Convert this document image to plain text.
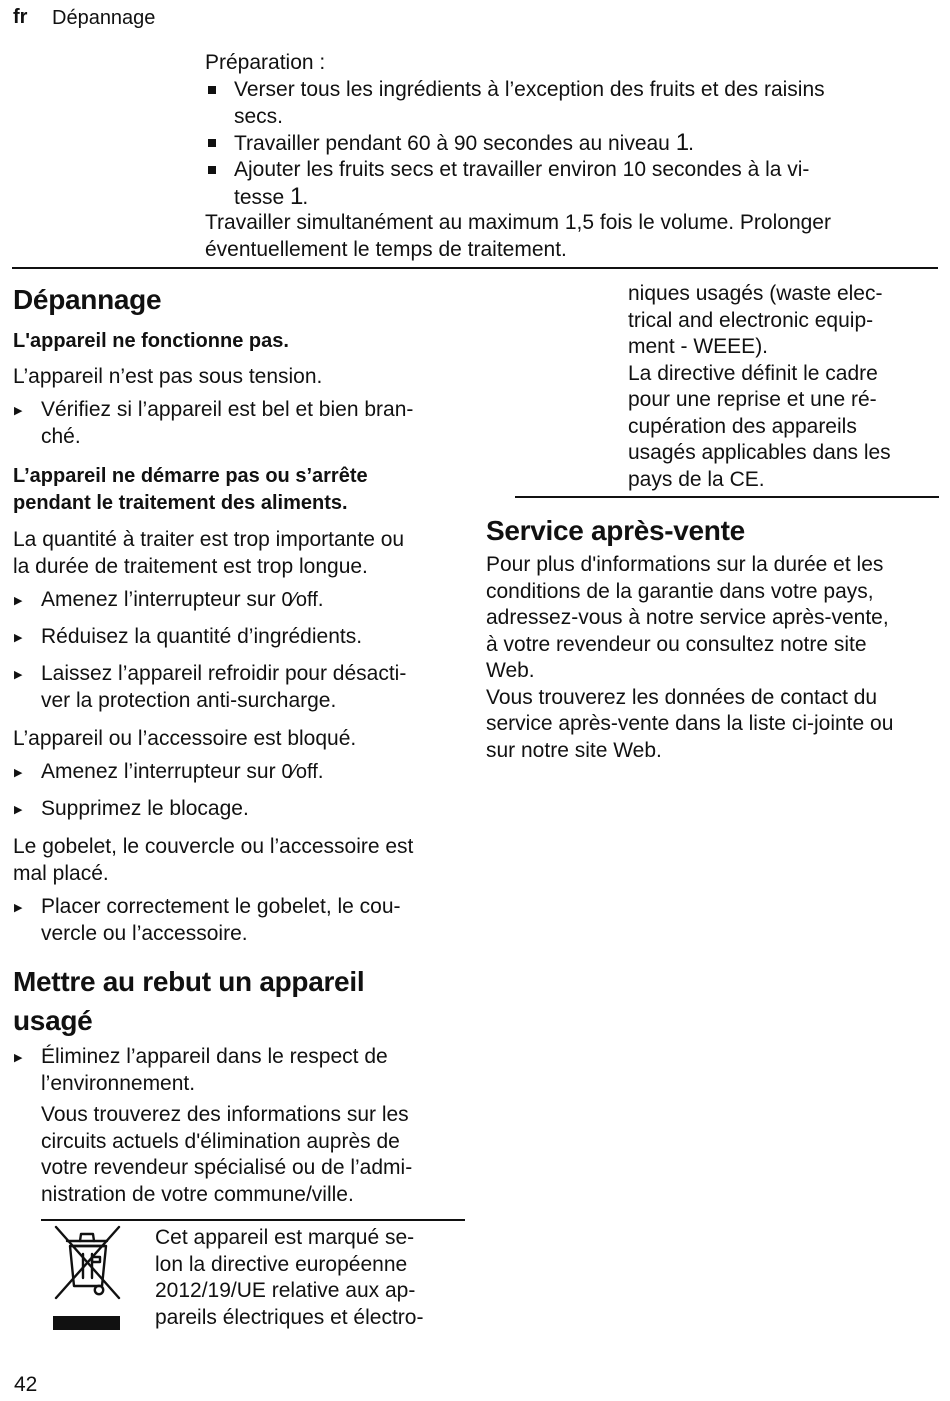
fr Dépannage
Préparation :
Verser tous les ingrédients à l’exception des fruits et des raisins
secs.
Travailler pendant 60 à 90 secondes au niveau 1.
Ajouter les fruits secs et travailler environ 10 secondes à la vi-
tesse 1.
Travailler simultanément au maximum 1,5 fois le volume. Prolonger
éventuellement le temps de traitement.
Dépannage
L'appareil ne fonctionne pas.
L’appareil n’est pas sous tension.
▶ Vérifiez si l’appareil est bel et bien bran-
ché.
L’appareil ne démarre pas ou s’arrête
pendant le traitement des aliments.
La quantité à traiter est trop importante ou
la durée de traitement est trop longue.
▶ Amenez l’interrupteur sur 0⁄off.
▶ Réduisez la quantité d’ingrédients.
▶ Laissez l’appareil refroidir pour désacti-
ver la protection anti-surcharge.
L’appareil ou l’accessoire est bloqué.
▶ Amenez l’interrupteur sur 0⁄off.
▶ Supprimez le blocage.
Le gobelet, le couvercle ou l’accessoire est
mal placé.
▶ Placer correctement le gobelet, le cou-
vercle ou l’accessoire.
Mettre au rebut un appareil
usagé
▶ Éliminez l’appareil dans le respect de
l’environnement.
Vous trouverez des informations sur les
circuits actuels d'élimination auprès de
votre revendeur spécialisé ou de l’admi-
nistration de votre commune/ville.
Cet appareil est marqué se-
lon la directive européenne
2012/19/UE relative aux ap-
pareils électriques et électro-
niques usagés (waste elec-
trical and electronic equip-
ment - WEEE).
La directive définit le cadre
pour une reprise et une ré-
cupération des appareils
usagés applicables dans les
pays de la CE.
Service après-vente
Pour plus d'informations sur la durée et les
conditions de la garantie dans votre pays,
adressez-vous à notre service après-vente,
à votre revendeur ou consultez notre site
Web.
Vous trouverez les données de contact du
service après-vente dans la liste ci-jointe ou
sur notre site Web.
42
